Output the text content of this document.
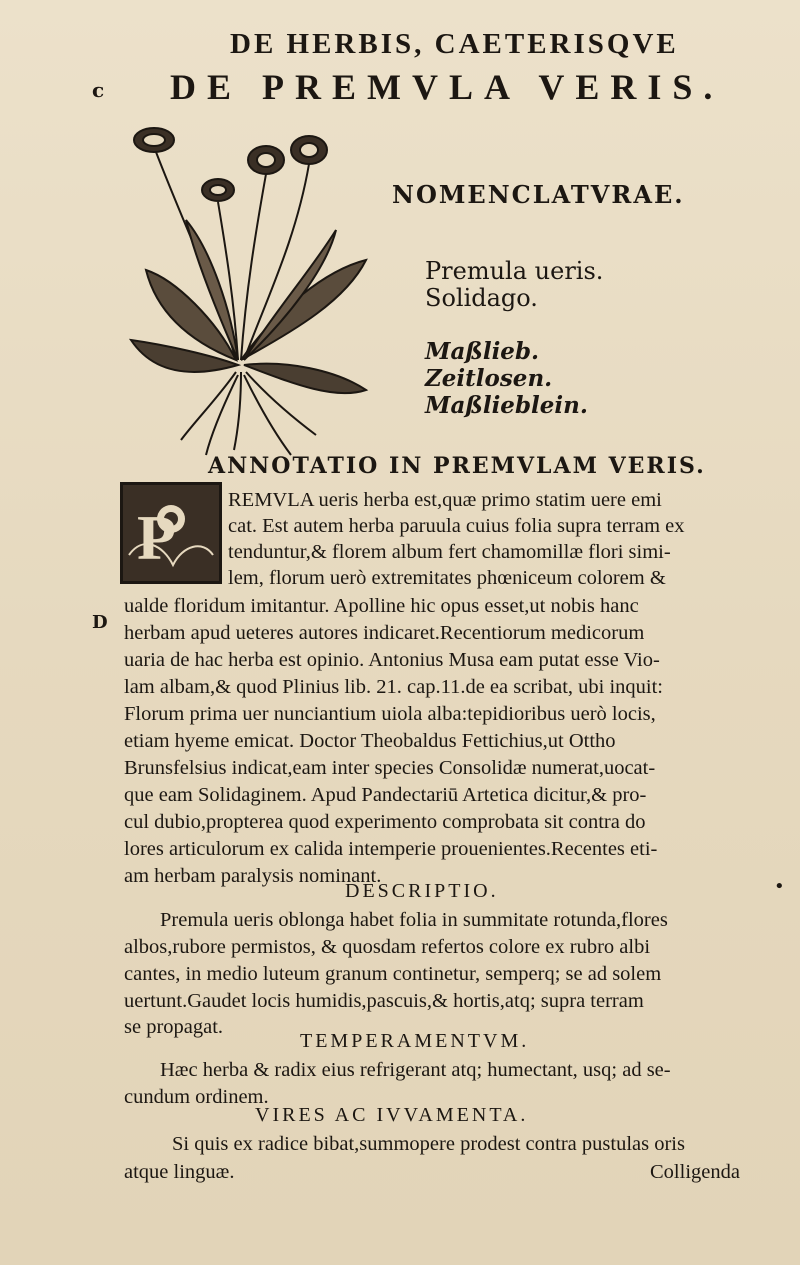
DE HERBIS, CAETERISQVE
c DE PREMVLA VERIS.
NOMENCLATVRAE.
Premula ueris.
Solidago.
Maßlieb.
Zeitlosen.
Maßlieblein.
ANNOTATIO IN PREMVLAM VERIS.
P
REMVLA ueris herba est,quæ primo statim uere emi
cat. Est autem herba paruula cuius folia supra terram ex
tenduntur,& florem album fert chamomillæ flori simi-
lem, florum uerò extremitates phœniceum colorem &
ualde floridum imitantur. Apolline hic opus esset,ut nobis hanc
D herbam apud ueteres autores indicaret.Recentiorum medicorum
uaria de hac herba est opinio. Antonius Musa eam putat esse Vio-
lam albam,& quod Plinius lib. 21. cap.11.de ea scribat, ubi inquit:
Florum prima uer nunciantium uiola alba:tepidioribus uerò locis,
etiam hyeme emicat. Doctor Theobaldus Fettichius,ut Ottho
Brunsfelsius indicat,eam inter species Consolidæ numerat,uocat-
que eam Solidaginem. Apud Pandectariū Artetica dicitur,& pro-
cul dubio,propterea quod experimento comprobata sit contra do
lores articulorum ex calida intemperie prouenientes.Recentes eti-
am herbam paralysis nominant.
DESCRIPTIO.	•
Premula ueris oblonga habet folia in summitate rotunda,flores
albos,rubore permistos, & quosdam refertos colore ex rubro albi
cantes, in medio luteum granum continetur, semperq; se ad solem
uertunt.Gaudet locis humidis,pascuis,& hortis,atq; supra terram
se propagat.
TEMPERAMENTVM.
Hæc herba & radix eius refrigerant atq; humectant, usq; ad se-
cundum ordinem.
VIRES AC IVVAMENTA.
Si quis ex radice bibat,summopere prodest contra pustulas oris
atque linguæ.	Colligenda
